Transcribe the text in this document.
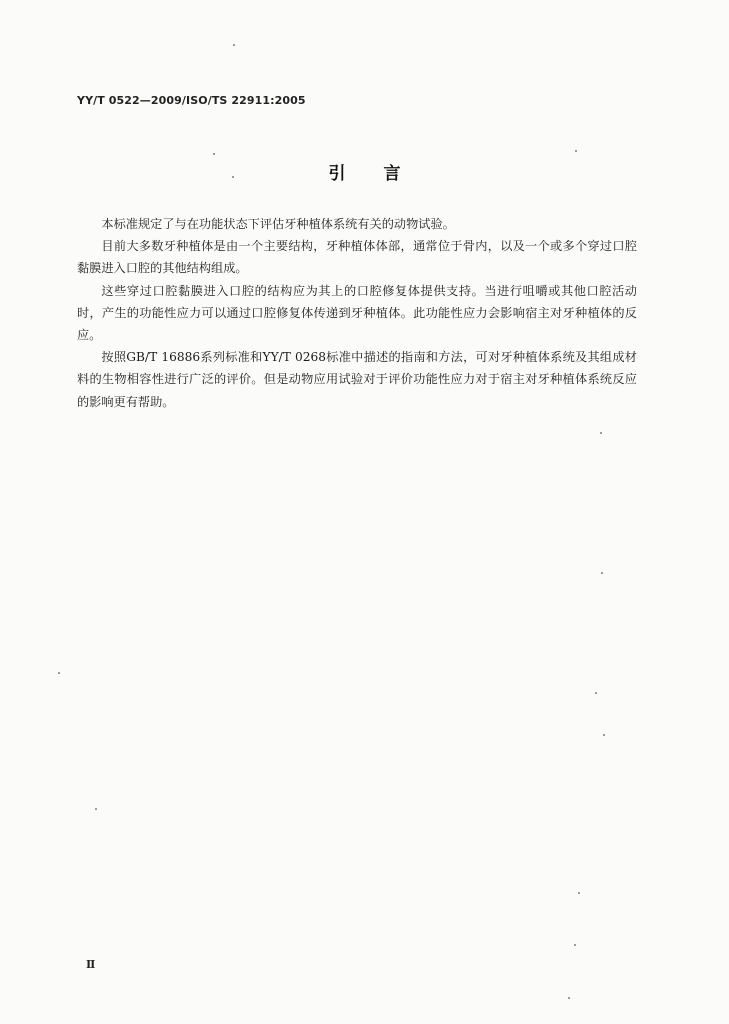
YY/T 0522—2009/ISO/TS 22911:2005
引 言

本标准规定了与在功能状态下评估牙种植体系统有关的动物试验。

目前大多数牙种植体是由一个主要结构，牙种植体体部，通常位于骨内，以及一个或多个穿过口腔黏膜进入口腔的其他结构组成。

这些穿过口腔黏膜进入口腔的结构应为其上的口腔修复体提供支持。当进行咀嚼或其他口腔活动时，产生的功能性应力可以通过口腔修复体传递到牙种植体。此功能性应力会影响宿主对牙种植体的反应。

按照GB/T 16886系列标准和YY/T 0268标准中描述的指南和方法，可对牙种植体系统及其组成材料的生物相容性进行广泛的评价。但是动物应用试验对于评价功能性应力对于宿主对牙种植体系统反应的影响更有帮助。

Ⅱ
